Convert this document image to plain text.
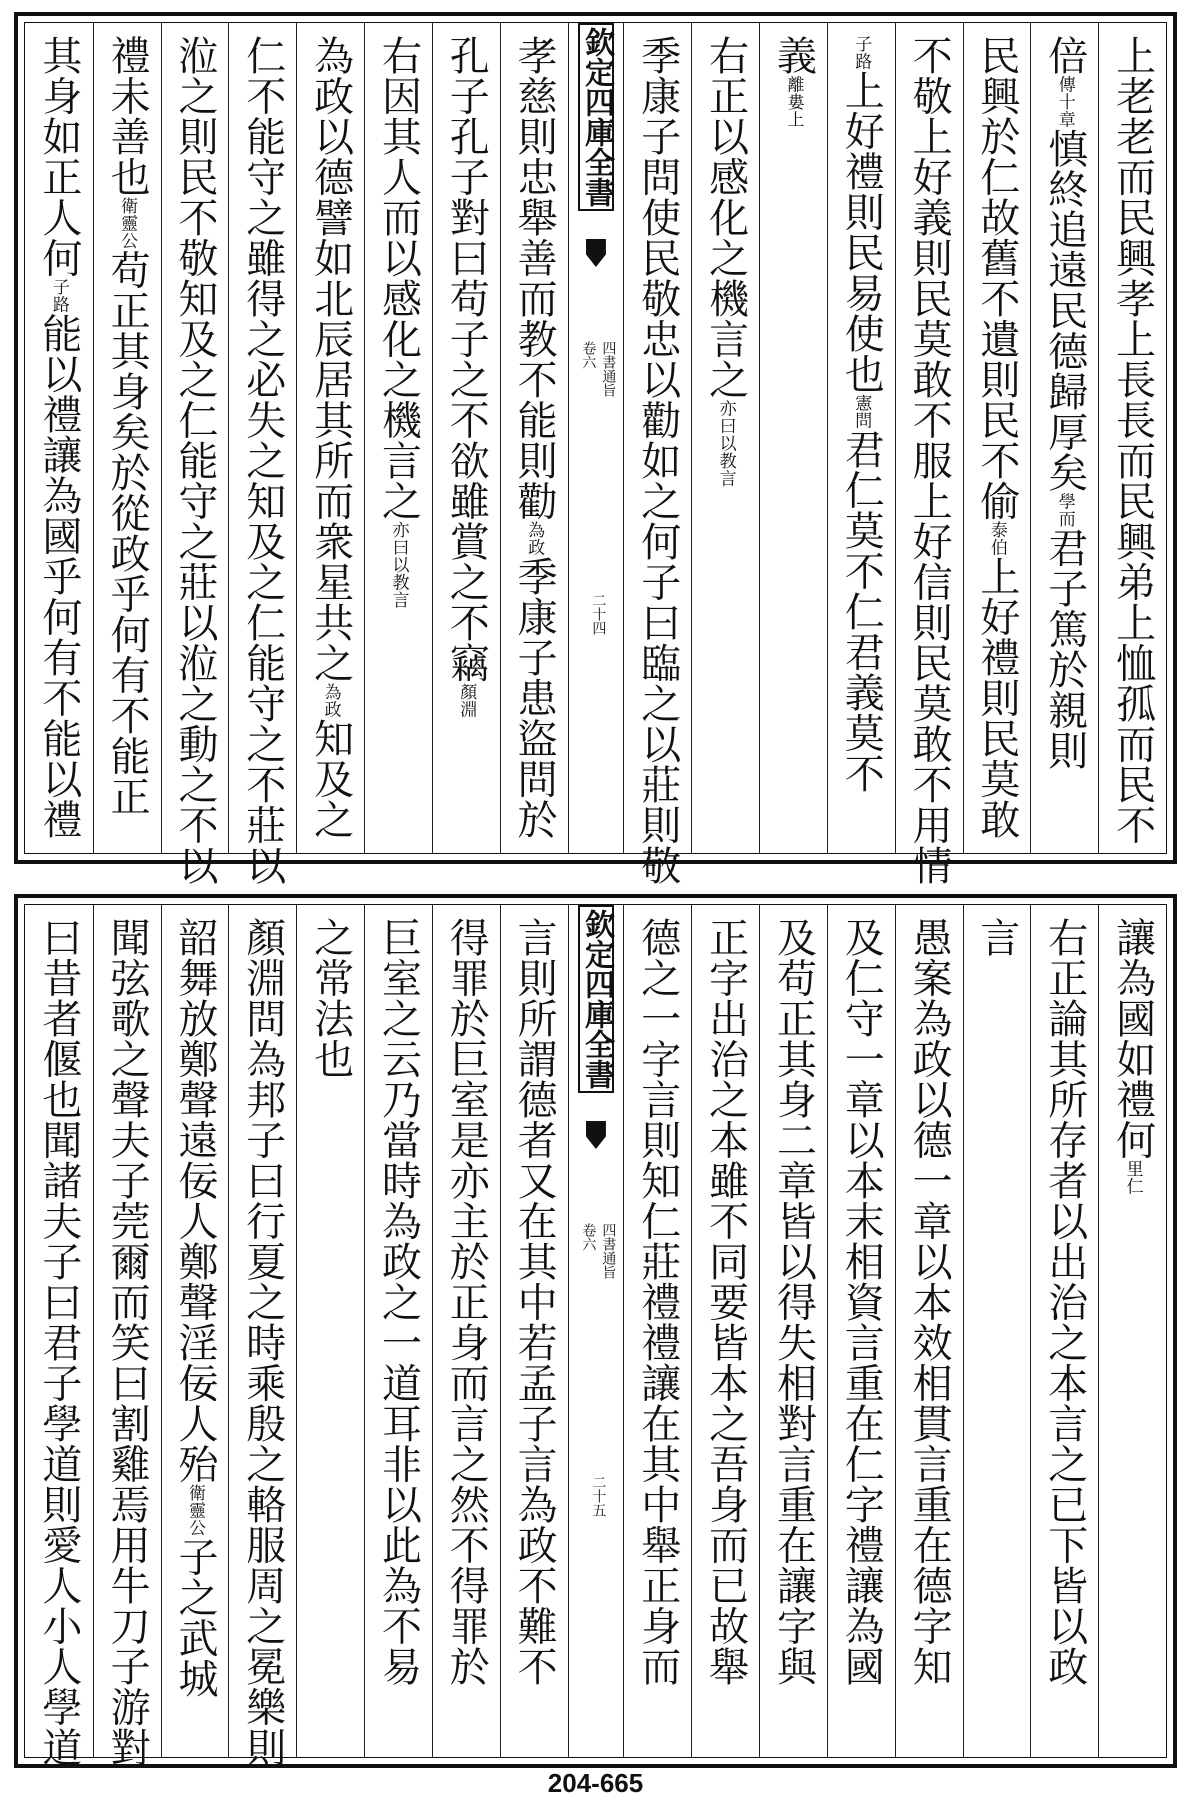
上老老而民興孝上長長而民興弟上恤孤而民不
倍傳十章慎終追遠民德歸厚矣學而君子篤於親則
民興於仁故舊不遺則民不偷泰伯上好禮則民莫敢
不敬上好義則民莫敢不服上好信則民莫敢不用情
子路上好禮則民易使也憲問君仁莫不仁君義莫不
義離婁上
右正以感化之機言之亦曰以教言
季康子問使民敬忠以勸如之何子曰臨之以莊則敬
欽定四庫全書
四書通旨
卷六
二十四
孝慈則忠舉善而教不能則勸為政季康子患盜問於
孔子孔子對曰苟子之不欲雖賞之不竊顏淵
右因其人而以感化之機言之亦曰以教言
為政以德譬如北辰居其所而衆星共之為政知及之
仁不能守之雖得之必失之知及之仁能守之不莊以
涖之則民不敬知及之仁能守之莊以涖之動之不以
禮未善也衛靈公苟正其身矣於從政乎何有不能正
其身如正人何子路能以禮讓為國乎何有不能以禮
讓為國如禮何里仁
右正論其所存者以出治之本言之已下皆以政
言
愚案為政以德一章以本效相貫言重在德字知
及仁守一章以本末相資言重在仁字禮讓為國
及苟正其身二章皆以得失相對言重在讓字與
正字出治之本雖不同要皆本之吾身而已故舉
德之一字言則知仁莊禮禮讓在其中舉正身而
欽定四庫全書
四書通旨
卷六
二十五
言則所謂德者又在其中若孟子言為政不難不
得罪於巨室是亦主於正身而言之然不得罪於
巨室之云乃當時為政之一道耳非以此為不易
之常法也
顏淵問為邦子曰行夏之時乘殷之輅服周之冕樂則
韶舞放鄭聲遠佞人鄭聲淫佞人殆衛靈公子之武城
聞弦歌之聲夫子莞爾而笑曰割雞焉用牛刀子游對
曰昔者偃也聞諸夫子曰君子學道則愛人小人學道
204-665
